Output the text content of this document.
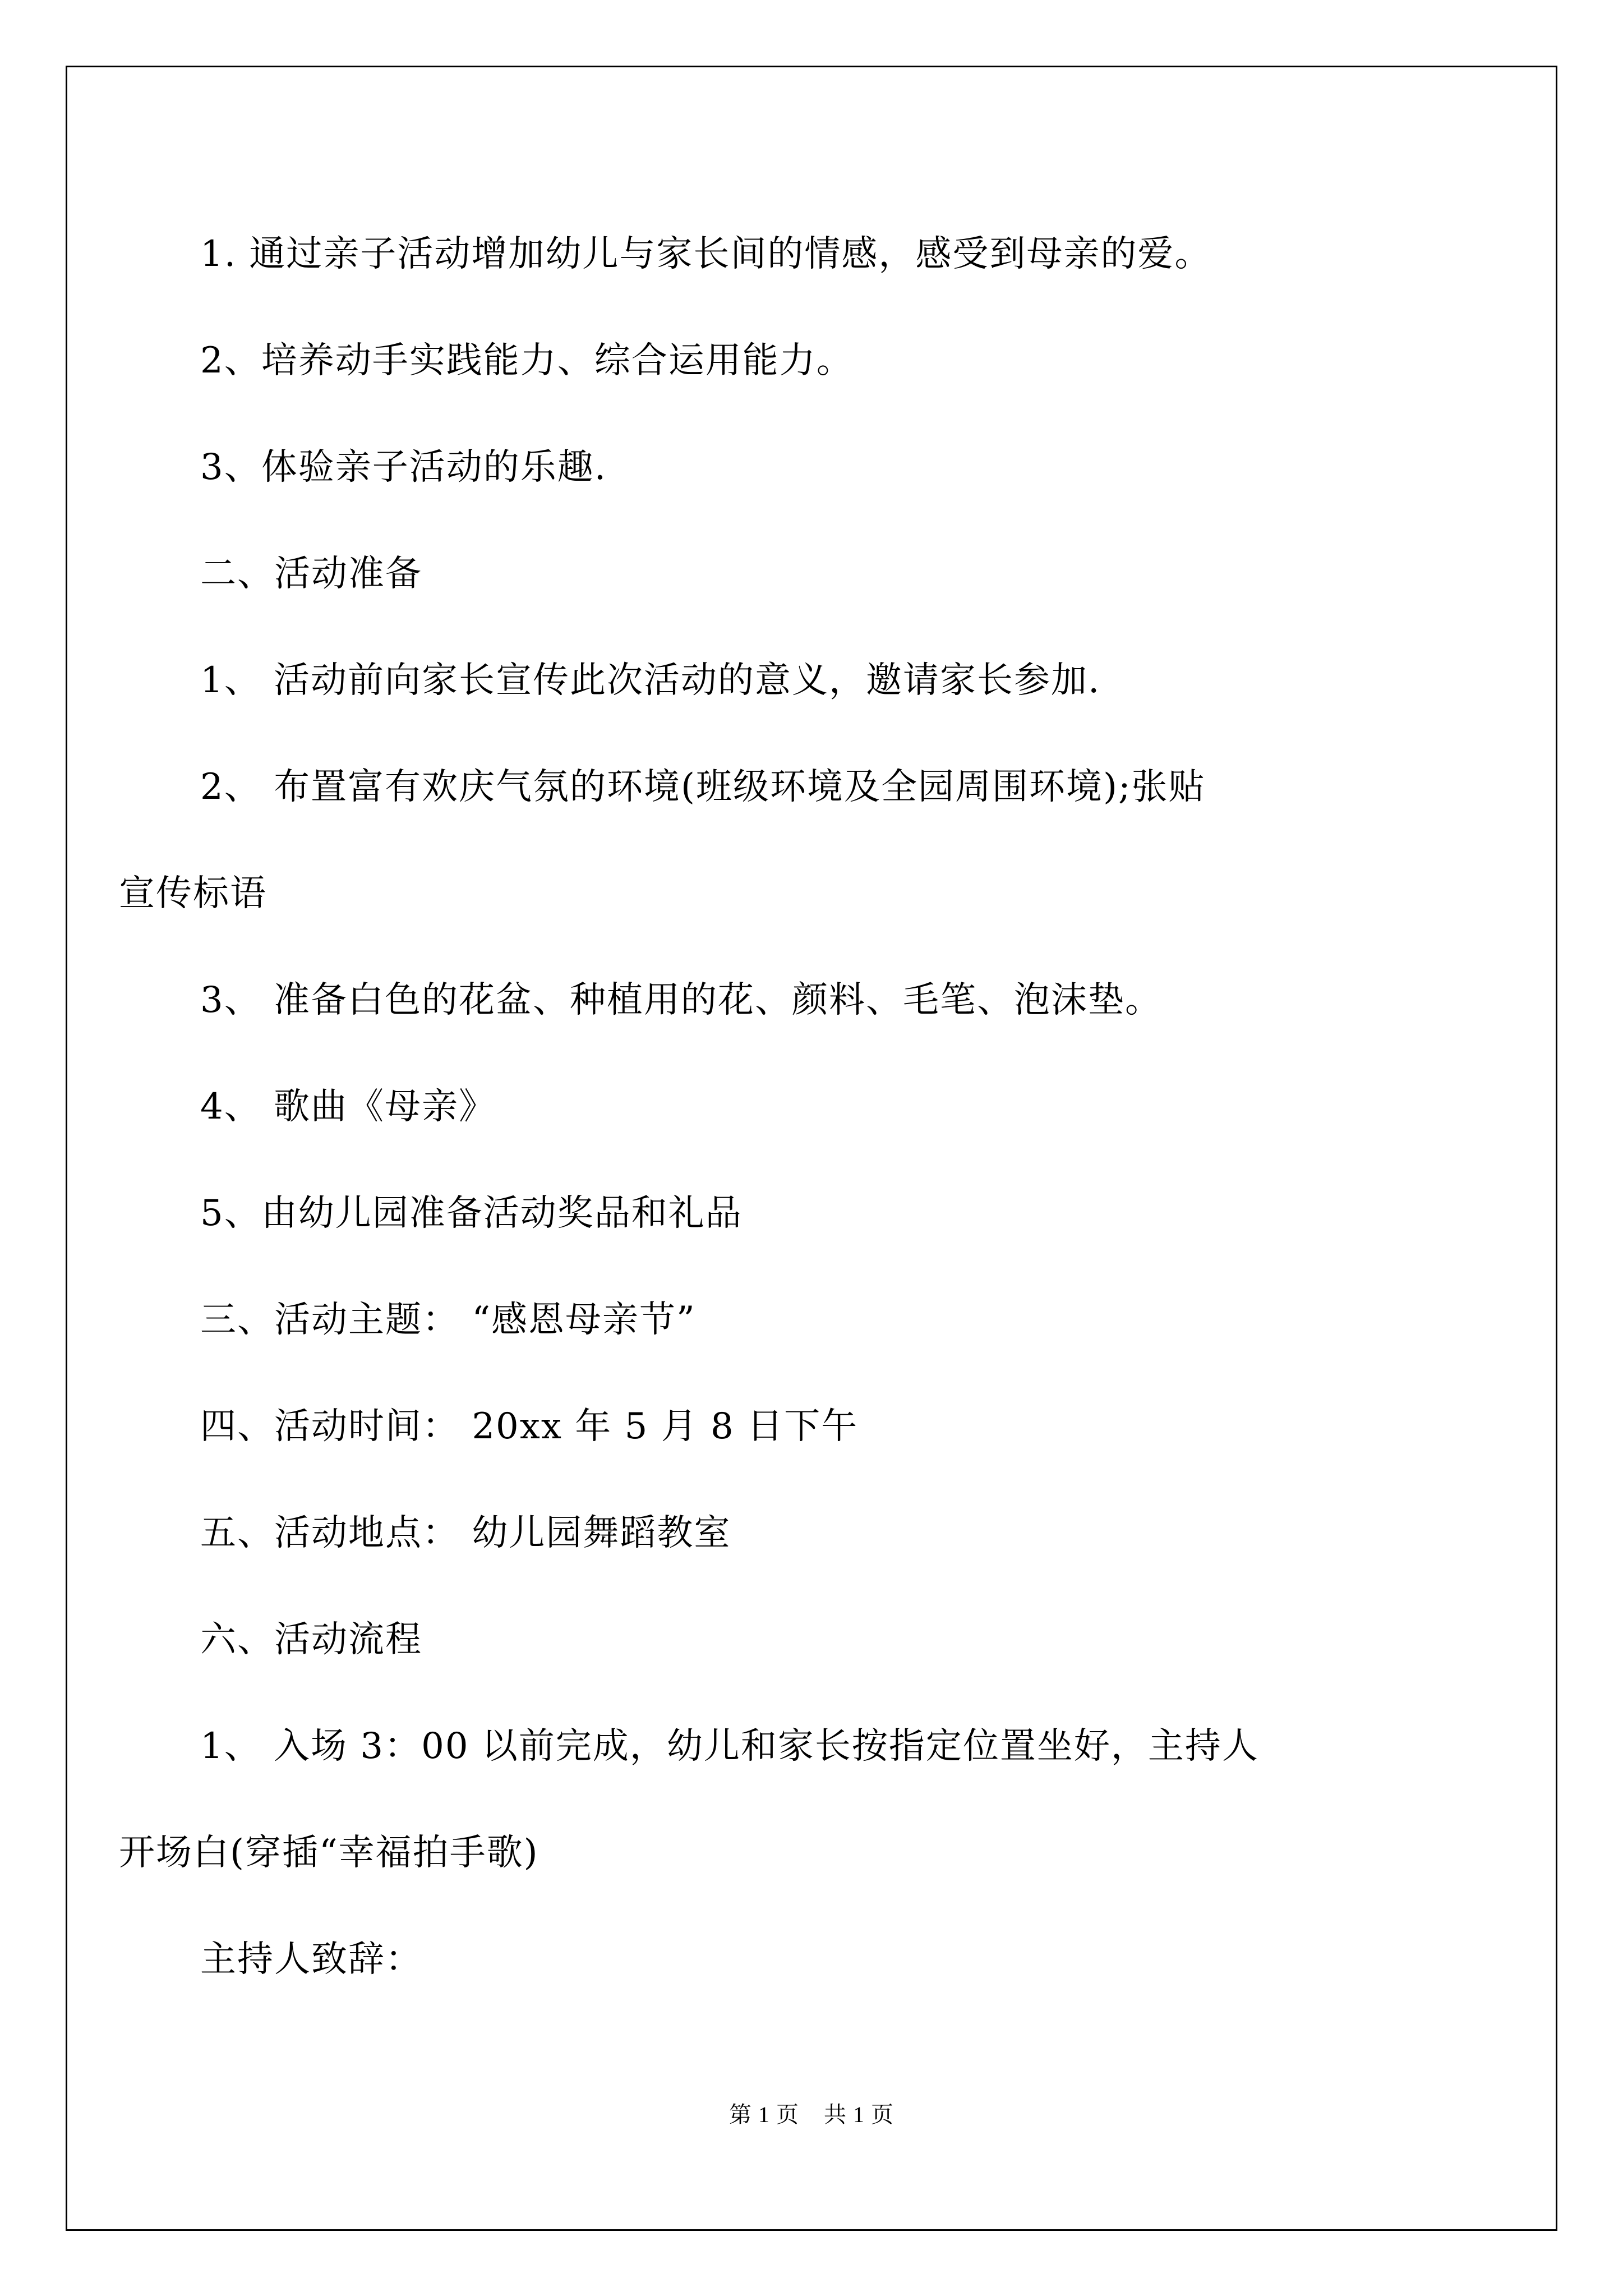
1. 通过亲子活动增加幼儿与家长间的情感，感受到母亲的爱。
2、培养动手实践能力、综合运用能力。
3、体验亲子活动的乐趣.
二、活动准备
1、 活动前向家长宣传此次活动的意义，邀请家长参加.
2、 布置富有欢庆气氛的环境(班级环境及全园周围环境);张贴
宣传标语
3、 准备白色的花盆、种植用的花、颜料、毛笔、泡沫垫。
4、 歌曲《母亲》
5、由幼儿园准备活动奖品和礼品
三、活动主题： “感恩母亲节”
四、活动时间： 20xx 年 5 月 8 日下午
五、活动地点： 幼儿园舞蹈教室
六、活动流程
1、 入场 3：00 以前完成，幼儿和家长按指定位置坐好，主持人
开场白(穿插“幸福拍手歌)
主持人致辞：
第 1 页 共 1 页
